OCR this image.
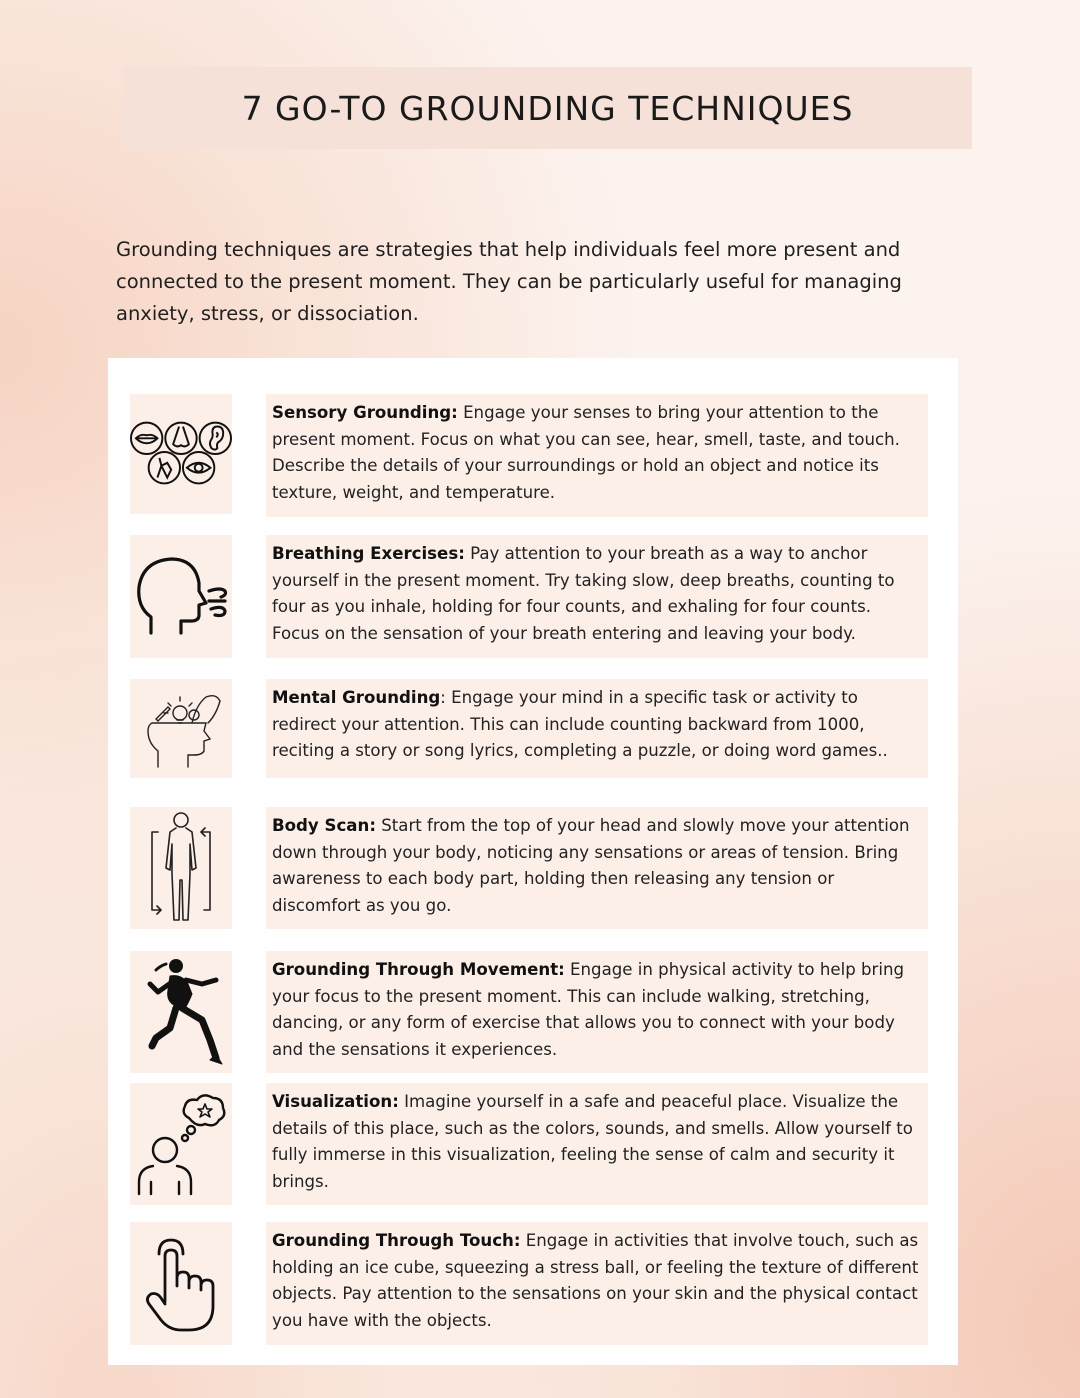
7 GO-TO GROUNDING TECHNIQUES

Grounding techniques are strategies that help individuals feel more present and connected to the present moment. They can be particularly useful for managing anxiety, stress, or dissociation.

Sensory Grounding: Engage your senses to bring your attention to the present moment. Focus on what you can see, hear, smell, taste, and touch. Describe the details of your surroundings or hold an object and notice its texture, weight, and temperature.
Breathing Exercises: Pay attention to your breath as a way to anchor yourself in the present moment. Try taking slow, deep breaths, counting to four as you inhale, holding for four counts, and exhaling for four counts. Focus on the sensation of your breath entering and leaving your body.
Mental Grounding: Engage your mind in a specific task or activity to redirect your attention. This can include counting backward from 1000, reciting a story or song lyrics, completing a puzzle, or doing word games..
Body Scan: Start from the top of your head and slowly move your attention down through your body, noticing any sensations or areas of tension. Bring awareness to each body part, holding then releasing any tension or discomfort as you go.
Grounding Through Movement: Engage in physical activity to help bring your focus to the present moment. This can include walking, stretching, dancing, or any form of exercise that allows you to connect with your body and the sensations it experiences.
Visualization: Imagine yourself in a safe and peaceful place. Visualize the details of this place, such as the colors, sounds, and smells. Allow yourself to fully immerse in this visualization, feeling the sense of calm and security it brings.
Grounding Through Touch: Engage in activities that involve touch, such as holding an ice cube, squeezing a stress ball, or feeling the texture of different objects. Pay attention to the sensations on your skin and the physical contact you have with the objects.
